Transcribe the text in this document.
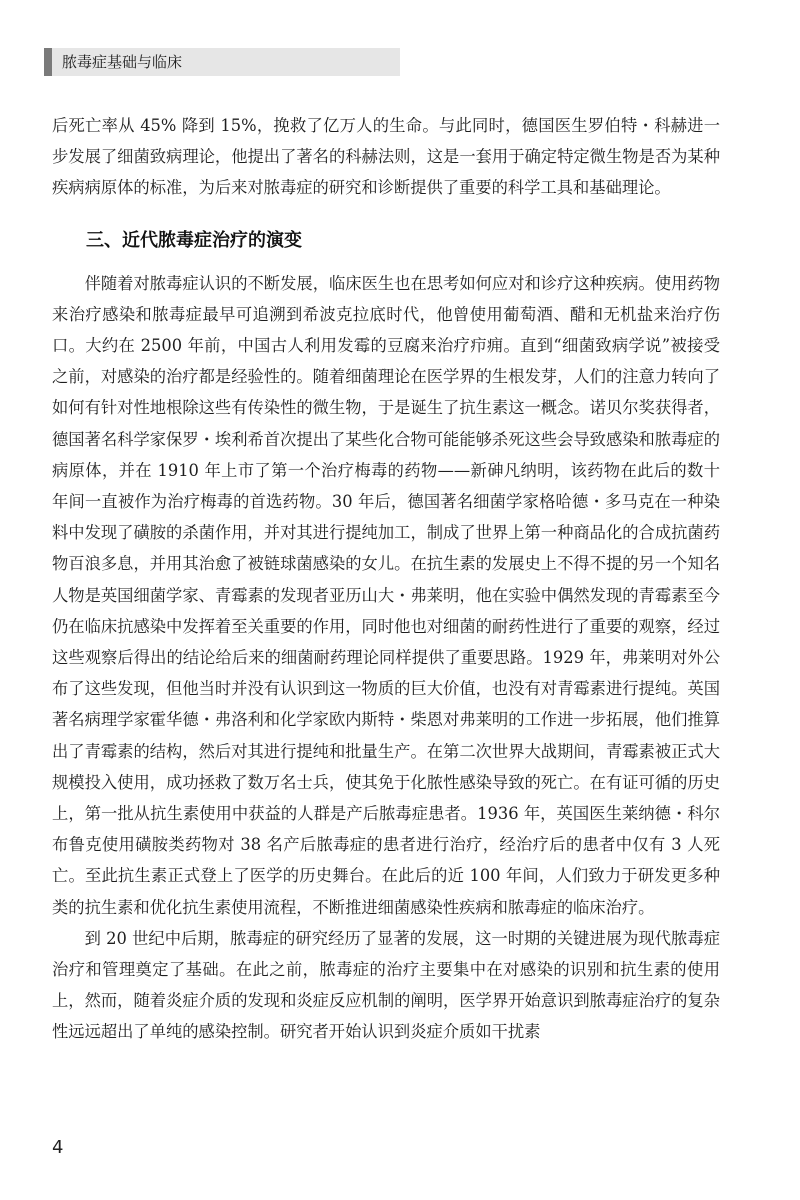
脓毒症基础与临床

后死亡率从 45% 降到 15%，挽救了亿万人的生命。与此同时，德国医生罗伯特・科赫进一步发展了细菌致病理论，他提出了著名的科赫法则，这是一套用于确定特定微生物是否为某种疾病病原体的标准，为后来对脓毒症的研究和诊断提供了重要的科学工具和基础理论。

三、近代脓毒症治疗的演变

伴随着对脓毒症认识的不断发展，临床医生也在思考如何应对和诊疗这种疾病。使用药物来治疗感染和脓毒症最早可追溯到希波克拉底时代，他曾使用葡萄酒、醋和无机盐来治疗伤口。大约在 2500 年前，中国古人利用发霉的豆腐来治疗疖痈。直到“细菌致病学说”被接受之前，对感染的治疗都是经验性的。随着细菌理论在医学界的生根发芽，人们的注意力转向了如何有针对性地根除这些有传染性的微生物，于是诞生了抗生素这一概念。诺贝尔奖获得者，德国著名科学家保罗・埃利希首次提出了某些化合物可能能够杀死这些会导致感染和脓毒症的病原体，并在 1910 年上市了第一个治疗梅毒的药物——新砷凡纳明，该药物在此后的数十年间一直被作为治疗梅毒的首选药物。30 年后，德国著名细菌学家格哈德・多马克在一种染料中发现了磺胺的杀菌作用，并对其进行提纯加工，制成了世界上第一种商品化的合成抗菌药物百浪多息，并用其治愈了被链球菌感染的女儿。在抗生素的发展史上不得不提的另一个知名人物是英国细菌学家、青霉素的发现者亚历山大・弗莱明，他在实验中偶然发现的青霉素至今仍在临床抗感染中发挥着至关重要的作用，同时他也对细菌的耐药性进行了重要的观察，经过这些观察后得出的结论给后来的细菌耐药理论同样提供了重要思路。1929 年，弗莱明对外公布了这些发现，但他当时并没有认识到这一物质的巨大价值，也没有对青霉素进行提纯。英国著名病理学家霍华德・弗洛利和化学家欧内斯特・柴恩对弗莱明的工作进一步拓展，他们推算出了青霉素的结构，然后对其进行提纯和批量生产。在第二次世界大战期间，青霉素被正式大规模投入使用，成功拯救了数万名士兵，使其免于化脓性感染导致的死亡。在有证可循的历史上，第一批从抗生素使用中获益的人群是产后脓毒症患者。1936 年，英国医生莱纳德・科尔布鲁克使用磺胺类药物对 38 名产后脓毒症的患者进行治疗，经治疗后的患者中仅有 3 人死亡。至此抗生素正式登上了医学的历史舞台。在此后的近 100 年间，人们致力于研发更多种类的抗生素和优化抗生素使用流程，不断推进细菌感染性疾病和脓毒症的临床治疗。

到 20 世纪中后期，脓毒症的研究经历了显著的发展，这一时期的关键进展为现代脓毒症治疗和管理奠定了基础。在此之前，脓毒症的治疗主要集中在对感染的识别和抗生素的使用上，然而，随着炎症介质的发现和炎症反应机制的阐明，医学界开始意识到脓毒症治疗的复杂性远远超出了单纯的感染控制。研究者开始认识到炎症介质如干扰素

4
